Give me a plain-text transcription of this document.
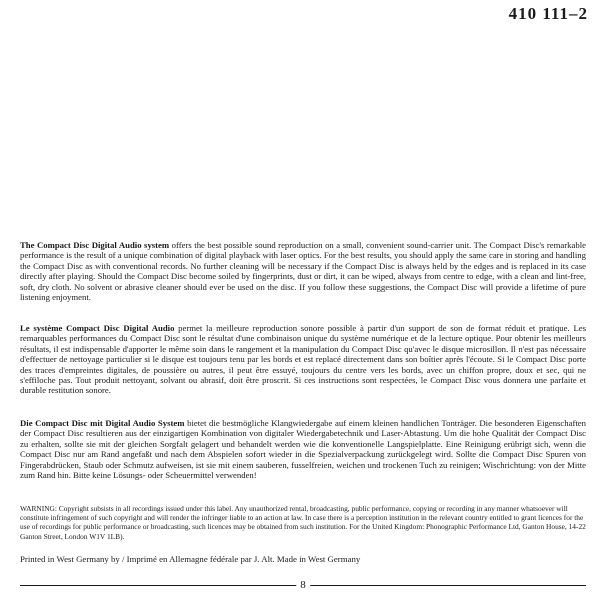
410 111–2

The Compact Disc Digital Audio system offers the best possible sound reproduction on a small, convenient sound-carrier unit. The Compact Disc's remarkable performance is the result of a unique combination of digital playback with laser optics. For the best results, you should apply the same care in storing and handling the Compact Disc as with conventional records. No further cleaning will be necessary if the Compact Disc is always held by the edges and is replaced in its case directly after playing. Should the Compact Disc become soiled by fingerprints, dust or dirt, it can be wiped, always from centre to edge, with a clean and lint-free, soft, dry cloth. No solvent or abrasive cleaner should ever be used on the disc. If you follow these suggestions, the Compact Disc will provide a lifetime of pure listening enjoyment.

Le système Compact Disc Digital Audio permet la meilleure reproduction sonore possible à partir d'un support de son de format réduit et pratique. Les remarquables performances du Compact Disc sont le résultat d'une combinaison unique du système numérique et de la lecture optique. Pour obtenir les meilleurs résultats, il est indispensable d'apporter le même soin dans le rangement et la manipulation du Compact Disc qu'avec le disque microsillon. Il n'est pas nécessaire d'effectuer de nettoyage particulier si le disque est toujours tenu par les bords et est replacé directement dans son boîtier après l'écoute. Si le Compact Disc porte des traces d'empreintes digitales, de poussière ou autres, il peut être essuyé, toujours du centre vers les bords, avec un chiffon propre, doux et sec, qui ne s'effiloche pas. Tout produit nettoyant, solvant ou abrasif, doit être proscrit. Si ces instructions sont respectées, le Compact Disc vous donnera une parfaite et durable restitution sonore.

Die Compact Disc mit Digital Audio System bietet die bestmögliche Klangwiedergabe auf einem kleinen handlichen Tonträger. Die besonderen Eigenschaften der Compact Disc resultieren aus der einzigartigen Kombination von digitaler Wiedergabetechnik und Laser-Abtastung. Um die hohe Qualität der Compact Disc zu erhalten, sollte sie mit der gleichen Sorgfalt gelagert und behandelt werden wie die konventionelle Langspielplatte. Eine Reinigung erübrigt sich, wenn die Compact Disc nur am Rand angefaßt und nach dem Abspielen sofort wieder in die Spezialverpackung zurückgelegt wird. Sollte die Compact Disc Spuren von Fingerabdrücken, Staub oder Schmutz aufweisen, ist sie mit einem sauberen, fusselfreien, weichen und trockenen Tuch zu reinigen; Wischrichtung: von der Mitte zum Rand hin. Bitte keine Lösungs- oder Scheuermittel verwenden!

WARNING: Copyright subsists in all recordings issued under this label. Any unauthorized rental, broadcasting, public performance, copying or recording in any manner whatsoever will constitute infringement of such copyright and will render the infringer liable to an action at law. In case there is a perception institution in the relevant country entitled to grant licences for the use of recordings for public performance or broadcasting, such licences may be obtained from such institution. For the United Kingdom: Phonographic Performance Ltd, Ganton House, 14-22 Ganton Street, London W1V 1LB).

Printed in West Germany by / Imprimé en Allemagne fédérale par J. Alt. Made in West Germany

8
